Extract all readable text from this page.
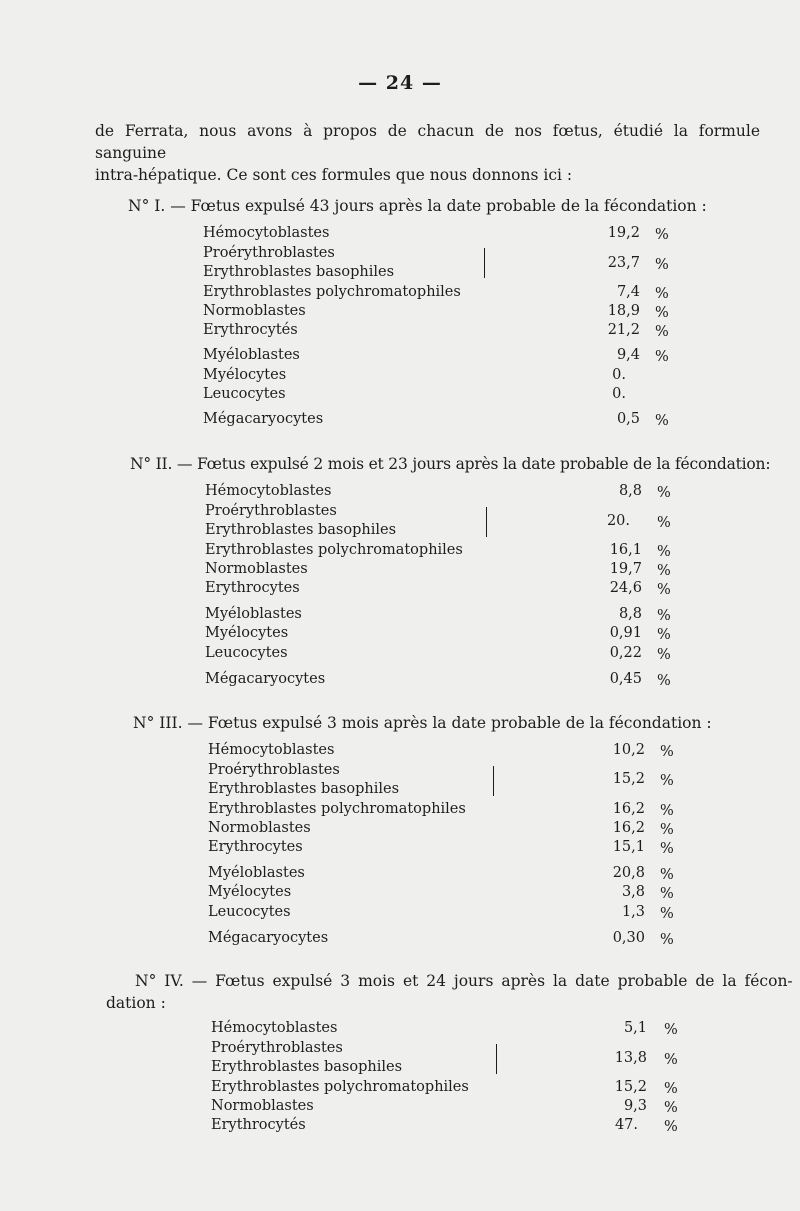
— 24 —

de Ferrata, nous avons à propos de chacun de nos fœtus, étudié la formule sanguine

intra-hépatique. Ce sont ces formules que nous donnons ici :

N° I. — Fœtus expulsé 43 jours après la date probable de la fécondation :
Hémocytoblastes	19,2 %
Proérythroblastes
Erythroblastes basophiles
23,7 %
Erythroblastes polychromatophiles	7,4 %
Normoblastes	18,9 %
Erythrocytés	21,2 %
Myéloblastes	9,4 %
Myélocytes	0.
Leucocytes	0.
Mégacaryocytes	0,5 %
N° II. — Fœtus expulsé 2 mois et 23 jours après la date probable de la fécondation:
Hémocytoblastes	8,8 %
Proérythroblastes
Erythroblastes basophiles
20. %
Erythroblastes polychromatophiles	16,1 %
Normoblastes	19,7 %
Erythrocytes	24,6 %
Myéloblastes	8,8 %
Myélocytes	0,91 %
Leucocytes	0,22 %
Mégacaryocytes	0,45 %
N° III. — Fœtus expulsé 3 mois après la date probable de la fécondation :
Hémocytoblastes	10,2 %
Proérythroblastes
Erythroblastes basophiles
15,2 %
Erythroblastes polychromatophiles	16,2 %
Normoblastes	16,2 %
Erythrocytes	15,1 %
Myéloblastes	20,8 %
Myélocytes	3,8 %
Leucocytes	1,3 %
Mégacaryocytes	0,30 %
N° IV. — Fœtus expulsé 3 mois et 24 jours après la date probable de la fécon-
dation :
Hémocytoblastes	5,1 %
Proérythroblastes
Erythroblastes basophiles
13,8 %
Erythroblastes polychromatophiles	15,2 %
Normoblastes	9,3 %
Erythrocytés	47. %
